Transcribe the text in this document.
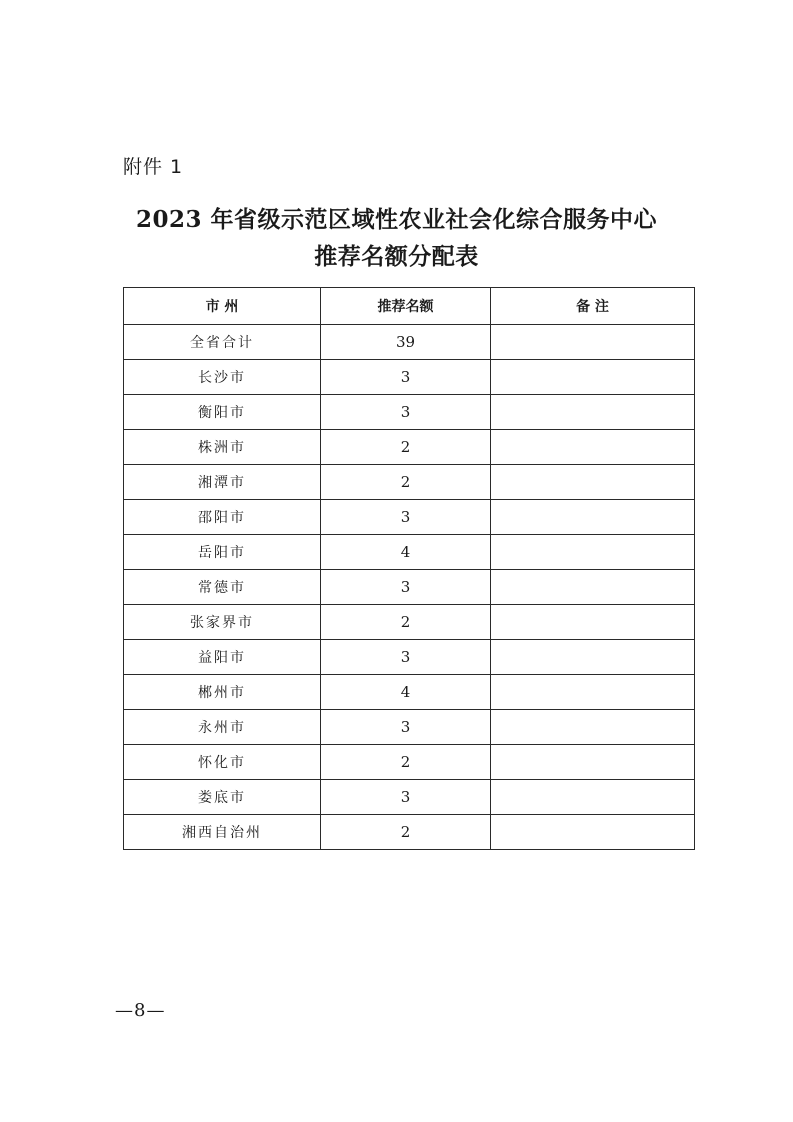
附件 1
2023 年省级示范区域性农业社会化综合服务中心
推荐名额分配表
市 州	推荐名额	备 注
全省合计	39	
长沙市	3	
衡阳市	3	
株洲市	2	
湘潭市	2	
邵阳市	3	
岳阳市	4	
常德市	3	
张家界市	2	
益阳市	3	
郴州市	4	
永州市	3	
怀化市	2	
娄底市	3	
湘西自治州	2	
—8—
